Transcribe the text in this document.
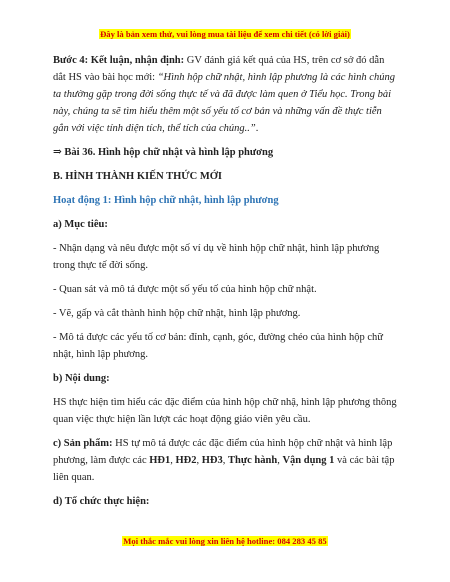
Đây là bản xem thử, vui lòng mua tài liệu để xem chi tiết (có lời giải)

Bước 4: Kết luận, nhận định: GV đánh giá kết quả của HS, trên cơ sở đó dẫn dắt HS vào bài học mới: “Hình hộp chữ nhật, hình lập phương là các hình chúng ta thường gặp trong đời sống thực tế và đã được làm quen ở Tiểu học. Trong bài này, chúng ta sẽ tìm hiểu thêm một số yếu tố cơ bản và những vấn đề thực tiễn gắn với việc tính diện tích, thể tích của chúng..”.

⇒ Bài 36. Hình hộp chữ nhật và hình lập phương

B. HÌNH THÀNH KIẾN THỨC MỚI

Hoạt động 1: Hình hộp chữ nhật, hình lập phương

a) Mục tiêu:

- Nhận dạng và nêu được một số ví dụ về hình hộp chữ nhật, hình lập phương trong thực tế đời sống.

- Quan sát và mô tả được một số yếu tố của hình hộp chữ nhật.

- Vẽ, gấp và cắt thành hình hộp chữ nhật, hình lập phương.

- Mô tả được các yếu tố cơ bản: đỉnh, cạnh, góc, đường chéo của hình hộp chữ nhật, hình lập phương.

b) Nội dung:

HS thực hiện tìm hiểu các đặc điểm của hình hộp chữ nhậ, hình lập phương thông quan việc thực hiện lần lượt các hoạt động giáo viên yêu cầu.

c) Sản phẩm: HS tự mô tả được các đặc điểm của hình hộp chữ nhật và hình lập phương, làm được các HĐ1, HĐ2, HĐ3, Thực hành, Vận dụng 1 và các bài tập liên quan.

d) Tổ chức thực hiện:

Mọi thắc mắc vui lòng xin liên hệ hotline: 084 283 45 85
